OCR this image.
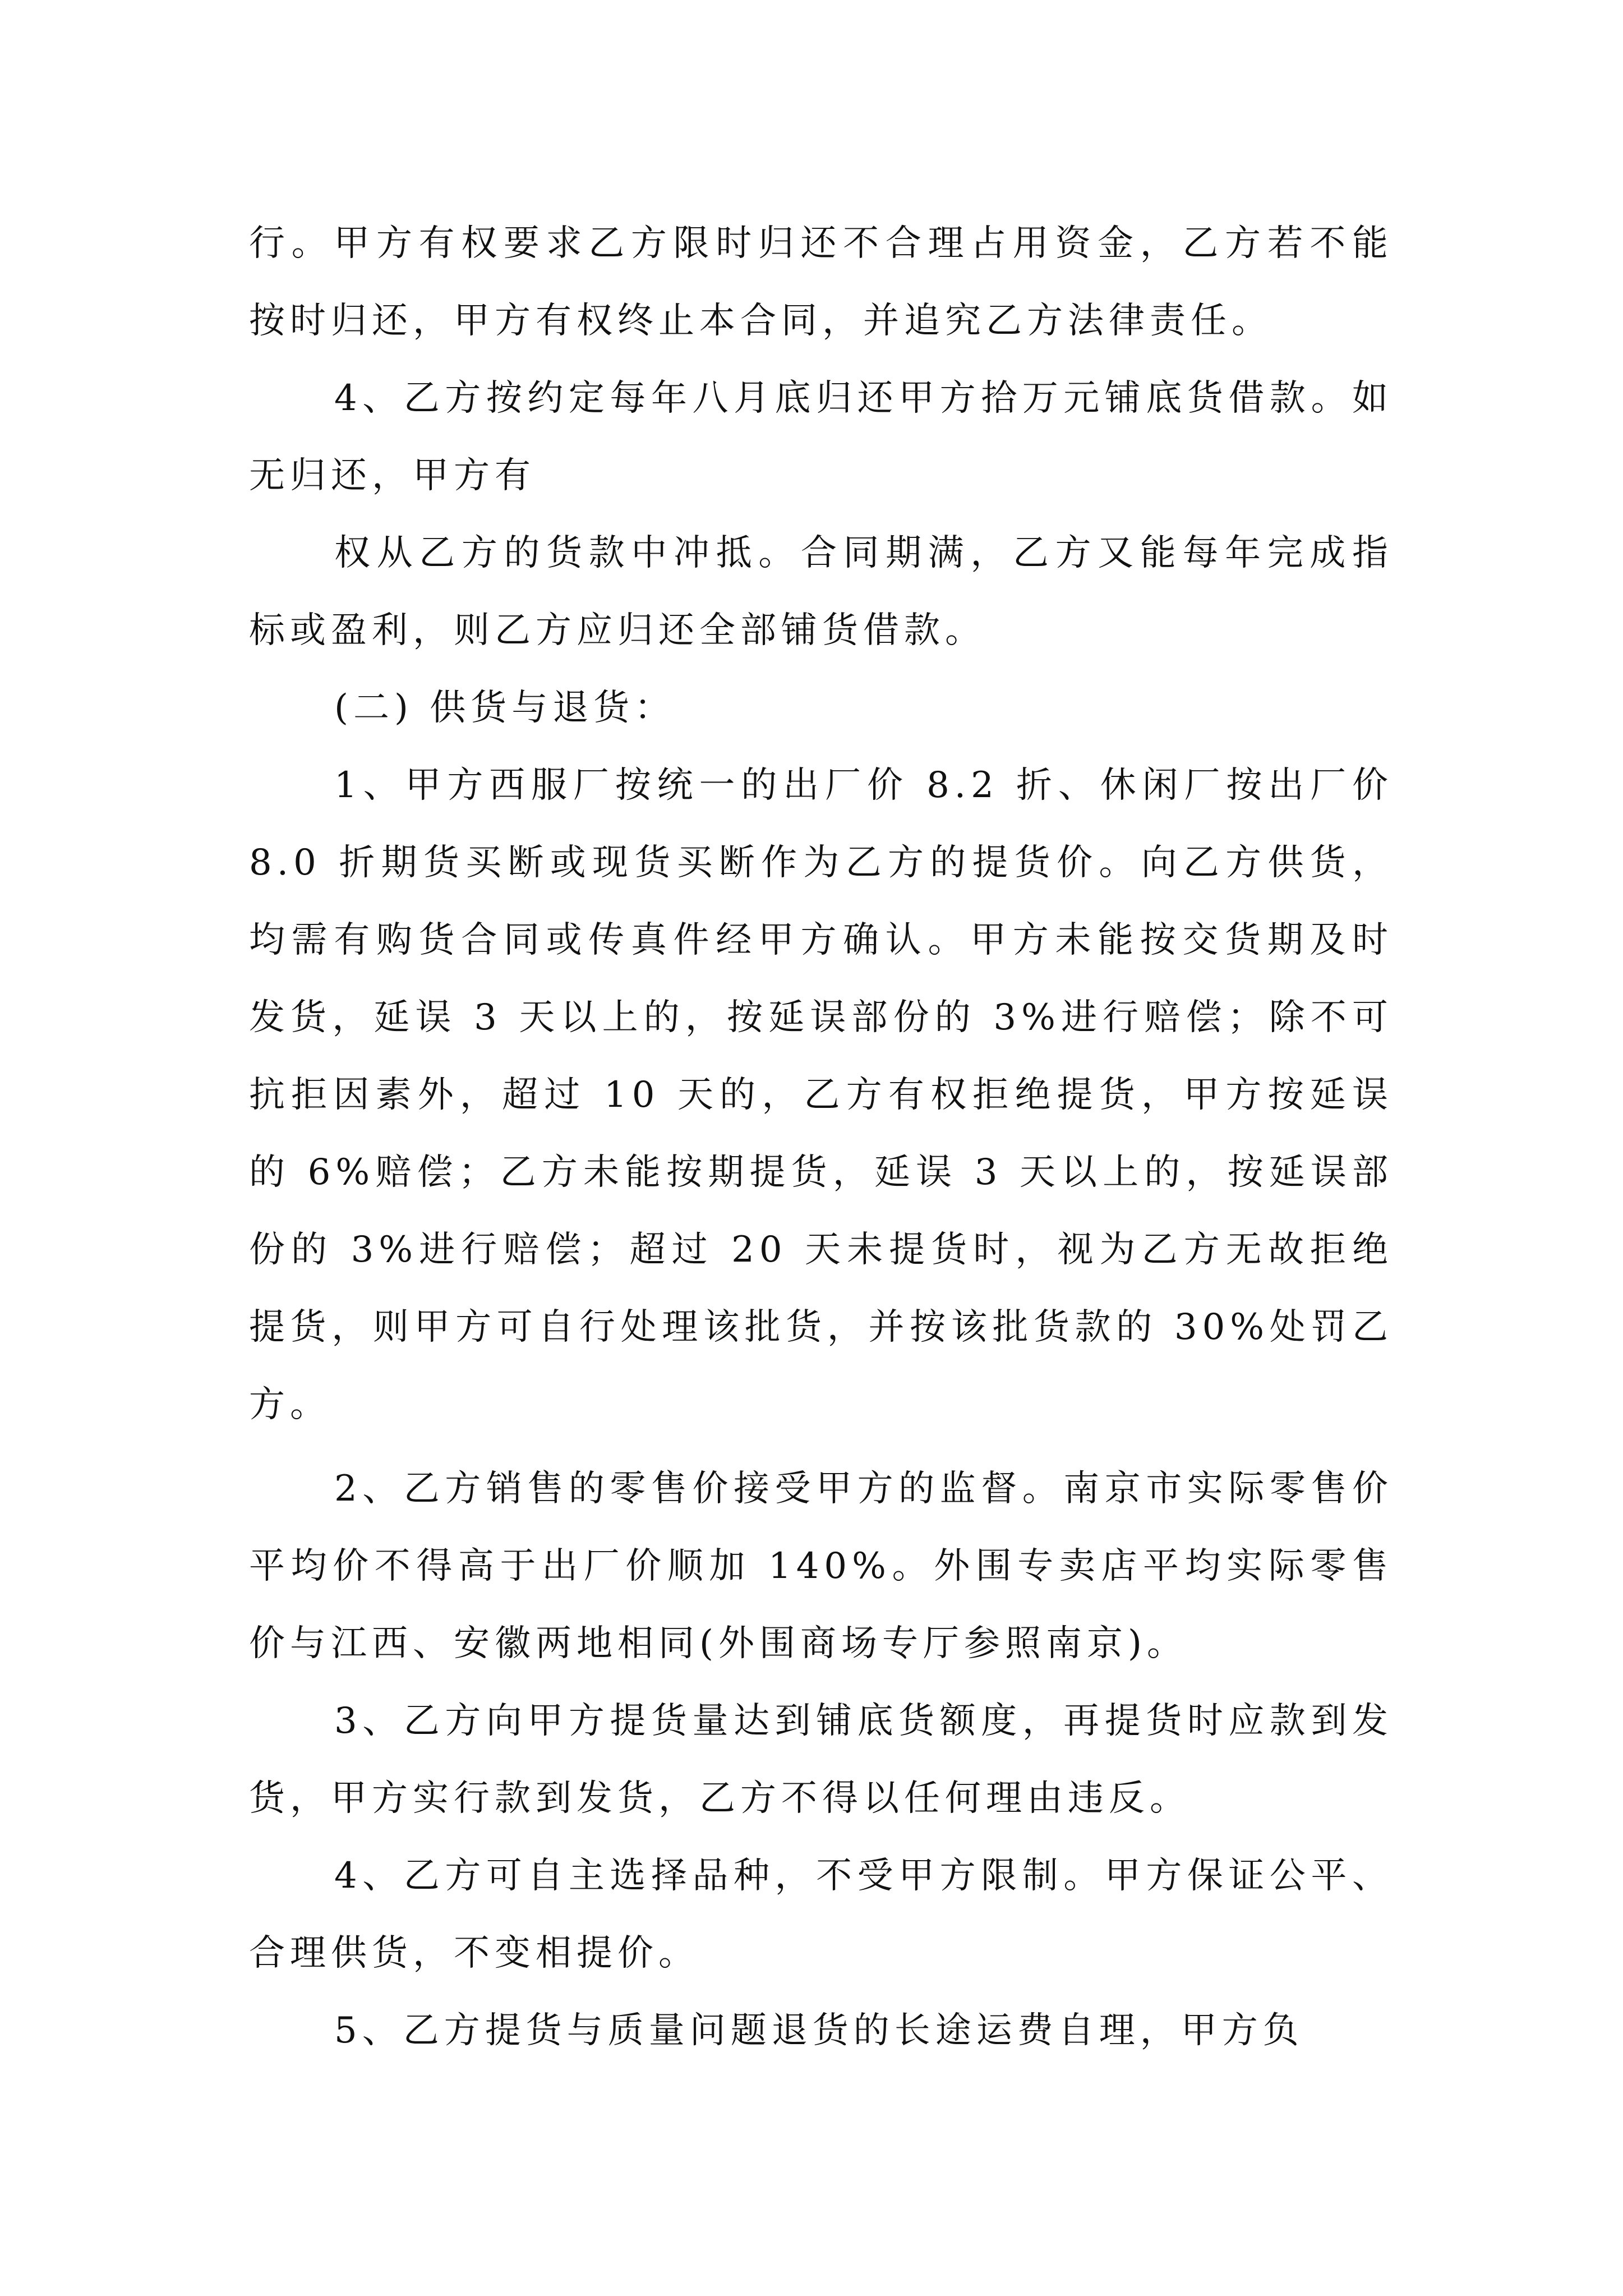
行。甲方有权要求乙方限时归还不合理占用资金，乙方若不能按时归还，甲方有权终止本合同，并追究乙方法律责任。

4、乙方按约定每年八月底归还甲方拾万元铺底货借款。如无归还，甲方有

权从乙方的货款中冲抵。合同期满，乙方又能每年完成指标或盈利，则乙方应归还全部铺货借款。

(二) 供货与退货：

1、甲方西服厂按统一的出厂价 8.2 折、休闲厂按出厂价 8.0 折期货买断或现货买断作为乙方的提货价。向乙方供货，均需有购货合同或传真件经甲方确认。甲方未能按交货期及时发货，延误 3 天以上的，按延误部份的 3%进行赔偿；除不可抗拒因素外，超过 10 天的，乙方有权拒绝提货，甲方按延误的 6%赔偿；乙方未能按期提货，延误 3 天以上的，按延误部份的 3%进行赔偿；超过 20 天未提货时，视为乙方无故拒绝提货，则甲方可自行处理该批货，并按该批货款的 30%处罚乙方。

2、乙方销售的零售价接受甲方的监督。南京市实际零售价平均价不得高于出厂价顺加 140%。外围专卖店平均实际零售价与江西、安徽两地相同(外围商场专厅参照南京)。

3、乙方向甲方提货量达到铺底货额度，再提货时应款到发货，甲方实行款到发货，乙方不得以任何理由违反。

4、乙方可自主选择品种，不受甲方限制。甲方保证公平、合理供货，不变相提价。

5、乙方提货与质量问题退货的长途运费自理，甲方负
